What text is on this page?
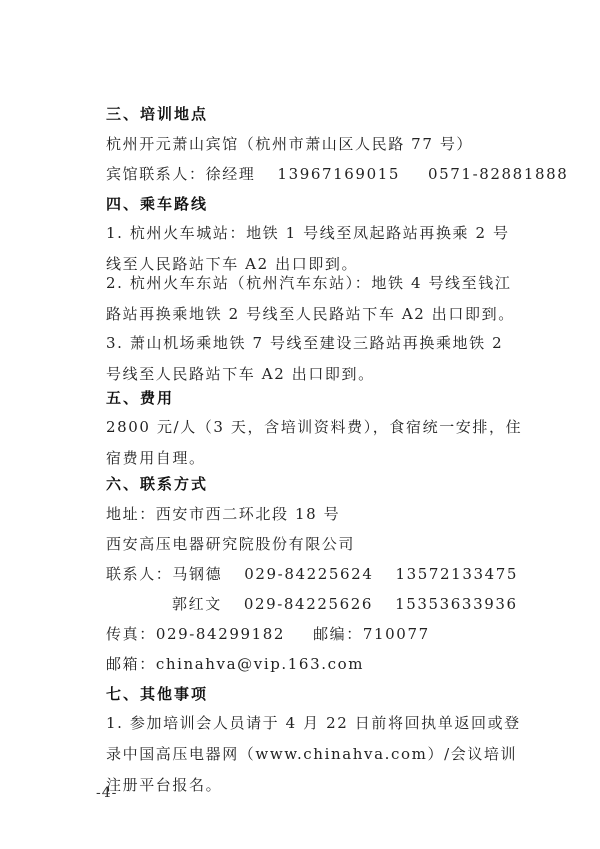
三、培训地点
杭州开元萧山宾馆（杭州市萧山区人民路 77 号）
宾馆联系人：徐经理 13967169015 0571-82881888
四、乘车路线
1. 杭州火车城站：地铁 1 号线至凤起路站再换乘 2 号线至人民路站下车 A2 出口即到。
2. 杭州火车东站（杭州汽车东站）：地铁 4 号线至钱江路站再换乘地铁 2 号线至人民路站下车 A2 出口即到。
3. 萧山机场乘地铁 7 号线至建设三路站再换乘地铁 2 号线至人民路站下车 A2 出口即到。
五、费用
2800 元/人（3 天，含培训资料费），食宿统一安排，住宿费用自理。
六、联系方式
地址：西安市西二环北段 18 号
西安高压电器研究院股份有限公司
联系人：马钢德 029-84225624 13572133475
郭红文 029-84225626 15353633936
传真：029-84299182 邮编：710077
邮箱：chinahva@vip.163.com
七、其他事项
1. 参加培训会人员请于 4 月 22 日前将回执单返回或登录中国高压电器网（www.chinahva.com）/会议培训注册平台报名。
-4-
